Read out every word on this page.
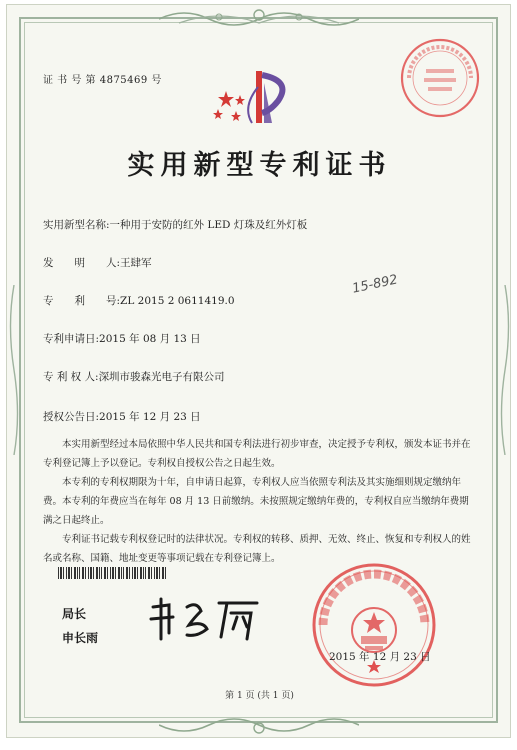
证 书 号 第 4875469 号
实用新型专利证书
实用新型名称:一种用于安防的红外 LED 灯珠及红外灯板
发　　明　　人:王肆军
专　　利　　号:ZL 2015 2 0611419.0
专利申请日:2015 年 08 月 13 日
专 利 权 人:深圳市骏森光电子有限公司
授权公告日:2015 年 12 月 23 日
15-892
本实用新型经过本局依照中华人民共和国专利法进行初步审查，决定授予专利权，颁发本证书并在专利登记簿上予以登记。专利权自授权公告之日起生效。
本专利的专利权期限为十年，自申请日起算，专利权人应当依照专利法及其实施细则规定缴纳年费。本专利的年费应当在每年 08 月 13 日前缴纳。未按照规定缴纳年费的，专利权自应当缴纳年费期满之日起终止。
专利证书记载专利权登记时的法律状况。专利权的转移、质押、无效、终止、恢复和专利权人的姓名或名称、国籍、地址变更等事项记载在专利登记簿上。
局长
申长雨
2015 年 12 月 23 日
第 1 页 (共 1 页)
